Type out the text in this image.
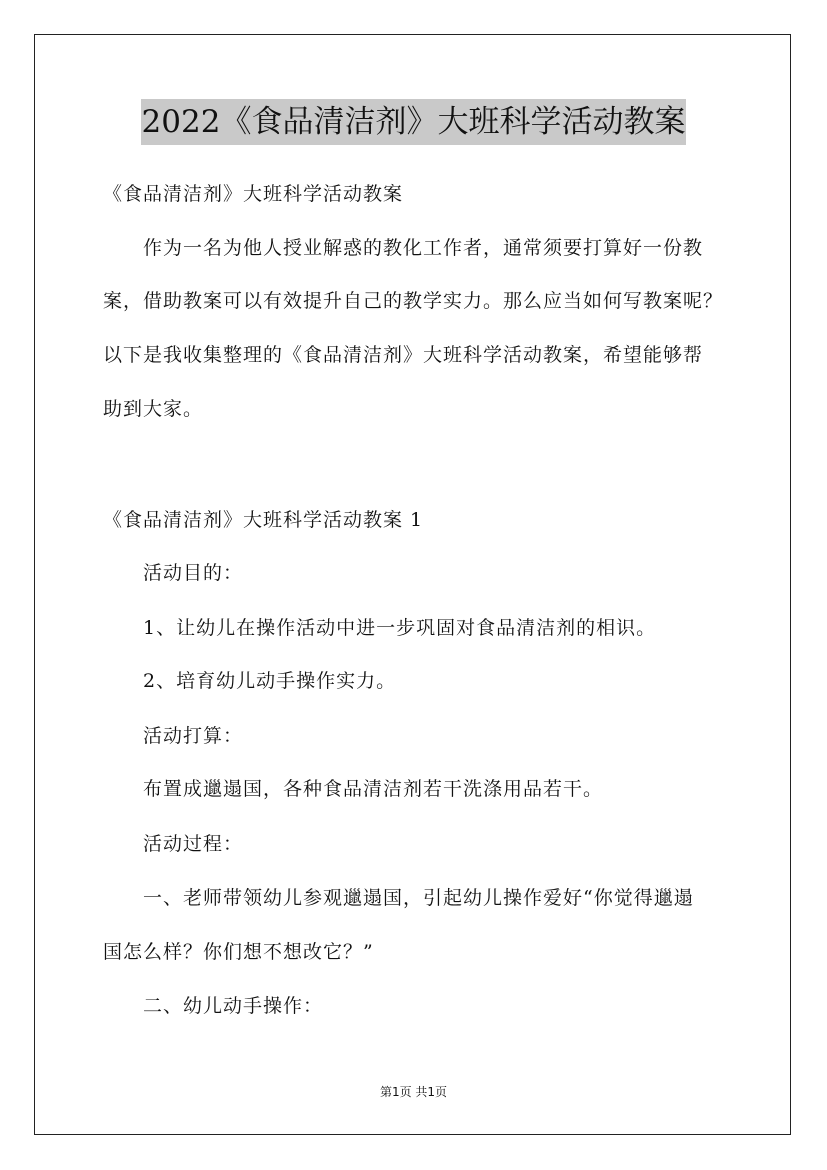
2022《食品清洁剂》大班科学活动教案
《食品清洁剂》大班科学活动教案
作为一名为他人授业解惑的教化工作者，通常须要打算好一份教
案，借助教案可以有效提升自己的教学实力。那么应当如何写教案呢？
以下是我收集整理的《食品清洁剂》大班科学活动教案，希望能够帮
助到大家。
《食品清洁剂》大班科学活动教案 1
活动目的：
1、让幼儿在操作活动中进一步巩固对食品清洁剂的相识。
2、培育幼儿动手操作实力。
活动打算：
布置成邋遢国，各种食品清洁剂若干洗涤用品若干。
活动过程：
一、老师带领幼儿参观邋遢国，引起幼儿操作爱好“你觉得邋遢
国怎么样？你们想不想改它？”
二、幼儿动手操作：
第1页 共1页
